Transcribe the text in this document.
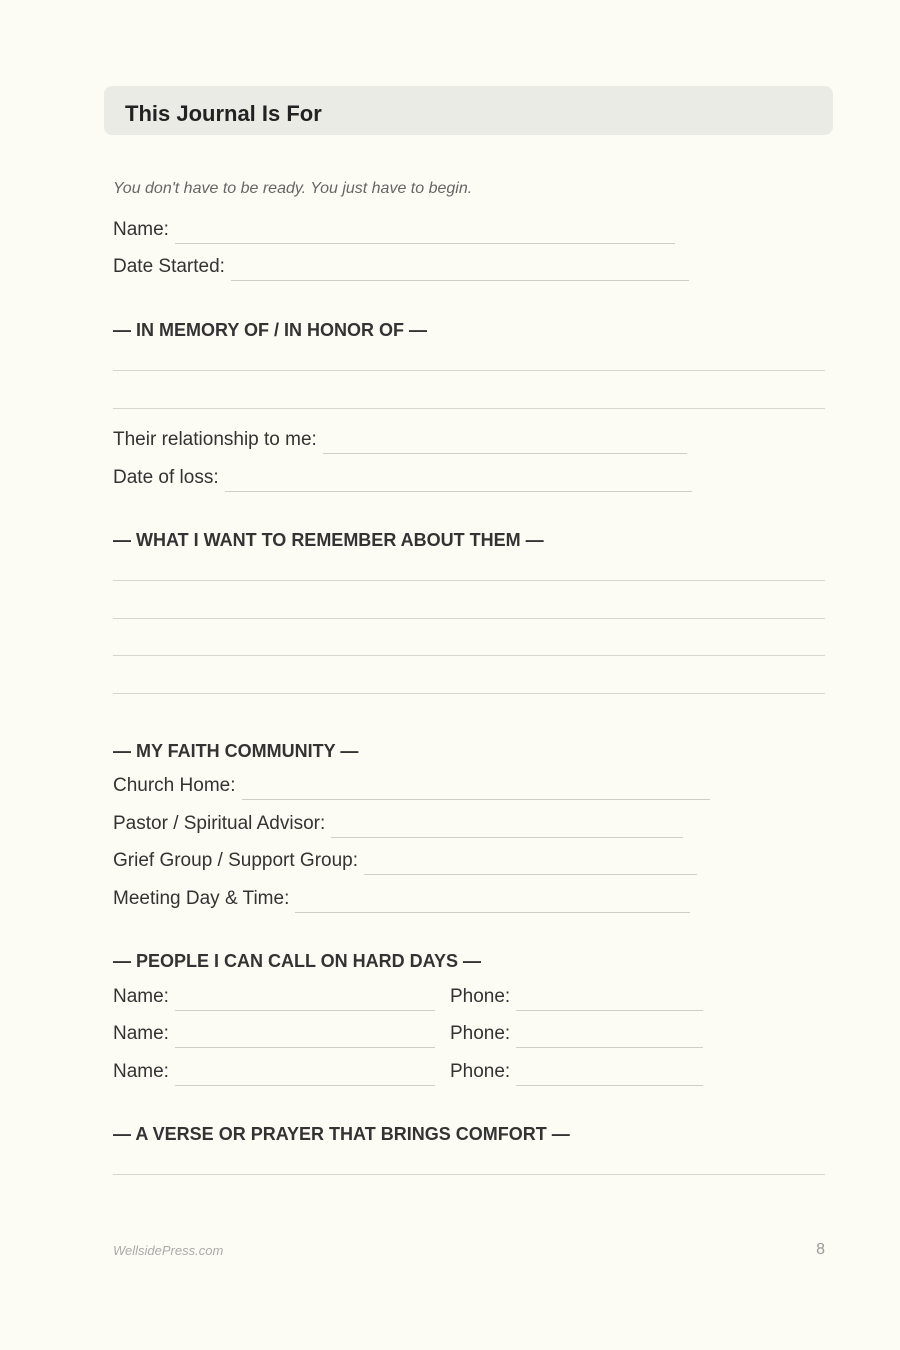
This Journal Is For
You don't have to be ready. You just have to begin.
Name:
Date Started:
— IN MEMORY OF / IN HONOR OF —
Their relationship to me:
Date of loss:
— WHAT I WANT TO REMEMBER ABOUT THEM —
— MY FAITH COMMUNITY —
Church Home:
Pastor / Spiritual Advisor:
Grief Group / Support Group:
Meeting Day & Time:
— PEOPLE I CAN CALL ON HARD DAYS —
Name:	Phone:
Name:	Phone:
Name:	Phone:
— A VERSE OR PRAYER THAT BRINGS COMFORT —
WellsidePress.com	8
